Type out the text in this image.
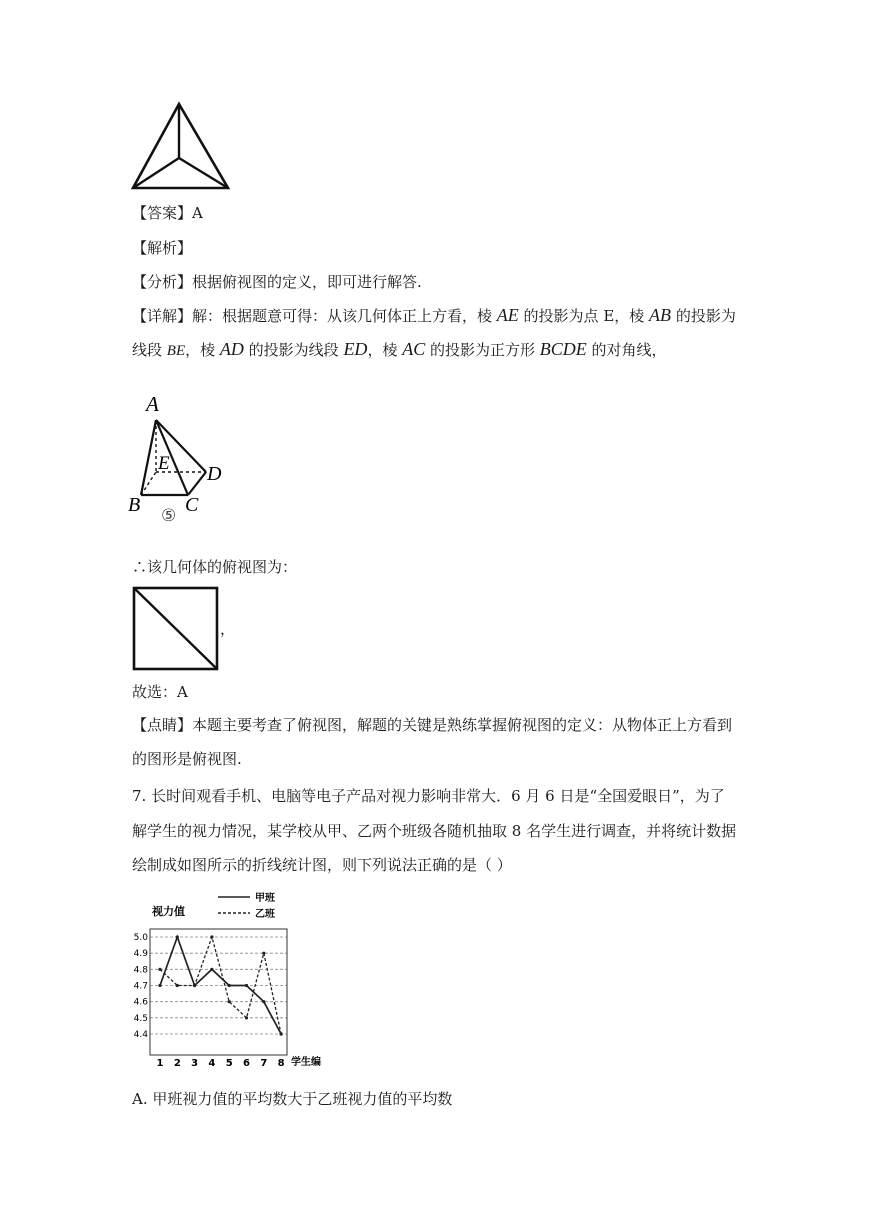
【答案】A
【解析】
【分析】根据俯视图的定义，即可进行解答.
【详解】解：根据题意可得：从该几何体正上方看，棱 AE 的投影为点 E，棱 AB 的投影为
线段 BE，棱 AD 的投影为线段 ED，棱 AC 的投影为正方形 BCDE 的对角线，
A
E D
B C
⑤
∴该几何体的俯视图为：
，
故选：A
【点睛】本题主要考查了俯视图，解题的关键是熟练掌握俯视图的定义：从物体正上方看到
的图形是俯视图.
7. 长时间观看手机、电脑等电子产品对视力影响非常大．6 月 6 日是“全国爱眼日”，为了
解学生的视力情况，某学校从甲、乙两个班级各随机抽取 8 名学生进行调查，并将统计数据
绘制成如图所示的折线统计图，则下列说法正确的是（ ）
4.4
4.5
4.6
4.7
4.8
4.9
5.0
1 2 3 4 5 6 7 8
视力值
学生编
甲班
乙班
A. 甲班视力值的平均数大于乙班视力值的平均数
